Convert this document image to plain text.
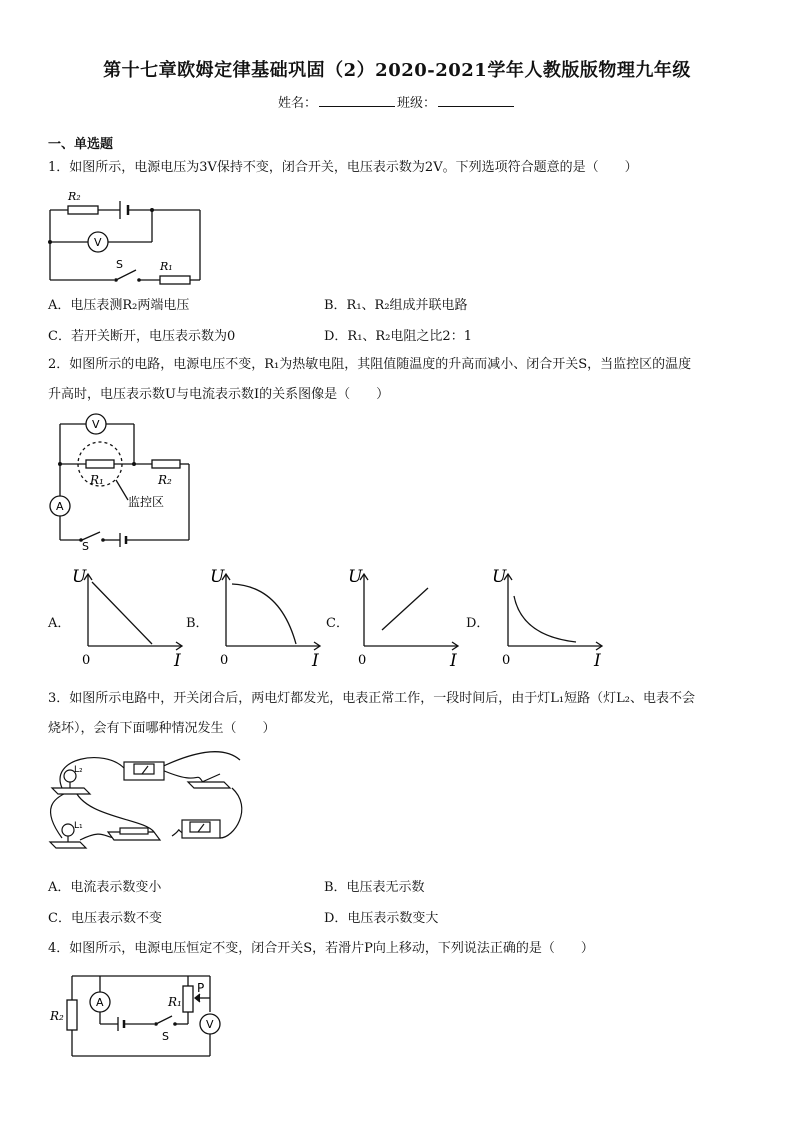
第十七章欧姆定律基础巩固（2）2020-2021学年人教版版物理九年级
姓名：	班级：
一、单选题
1．如图所示，电源电压为3V保持不变，闭合开关，电压表示数为2V。下列选项符合题意的是（　　）
R₂
V
S	R₁
A．电压表测R₂两端电压	B．R₁、R₂组成并联电路
C．若开关断开，电压表示数为0	D．R₁、R₂电阻之比2：1
2．如图所示的电路，电源电压不变，R₁为热敏电阻，其阻值随温度的升高而减小、闭合开关S，当监控区的温度
升高时，电压表示数U与电流表示数I的关系图像是（　　）
V
A
R₁	R₂
监控区
S
A．
U
I
0
B．
U
I
0
C．
U
I
0
D．
U
I
0
3．如图所示电路中，开关闭合后，两电灯都发光，电表正常工作，一段时间后，由于灯L₁短路（灯L₂、电表不会
烧坏），会有下面哪种情况发生（　　）
L₂
L₁
A．电流表示数变小	B．电压表无示数
C．电压表示数不变	D．电压表示数变大
4．如图所示，电源电压恒定不变，闭合开关S，若滑片P向上移动，下列说法正确的是（　　）
R₂
A	R₁
P
V
S
